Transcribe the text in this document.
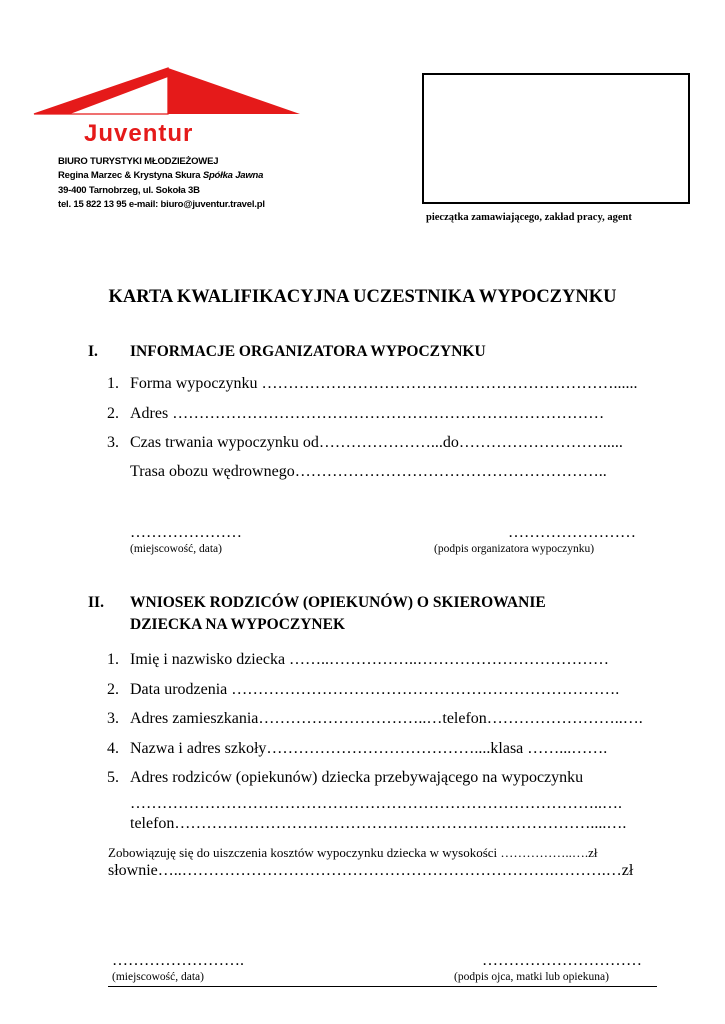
Juventur
BIURO TURYSTYKI MŁODZIEŻOWEJ
Regina Marzec & Krystyna Skura Spółka Jawna
39-400 Tarnobrzeg, ul. Sokoła 3B
tel. 15 822 13 95 e-mail: biuro@juventur.travel.pl
pieczątka zamawiającego, zakład pracy, agent
KARTA KWALIFIKACYJNA UCZESTNIKA WYPOCZYNKU
I. INFORMACJE ORGANIZATORA WYPOCZYNKU
1. Forma wypoczynku …………………………………………………………......
2. Adres ………………………………………………………………………
3. Czas trwania wypoczynku od…………………...do……………………….....
Trasa obozu wędrownego…………………………………………………..
…………………	……………………
(miejscowość, data)	(podpis organizatora wypoczynku)
II. WNIOSEK RODZICÓW (OPIEKUNÓW) O SKIEROWANIE
DZIECKA NA WYPOCZYNEK
1. Imię i nazwisko dziecka ……..……………..………………………………
2. Data urodzenia ……………………………………………………………….
3. Adres zamieszkania…………………………..…telefon……………………..….
4. Nazwa i adres szkoły…………………………………....klasa ……...…….
5. Adres rodziców (opiekunów) dziecka przebywającego na wypoczynku
……………………………………………………………………………..….
telefon……………………………………………………………………....….
Zobowiązuję się do uiszczenia kosztów wypoczynku dziecka w wysokości ……………..….zł
słownie…..…………………………………………………………….……….…zł
…………………….	…………………………
(miejscowość, data)	(podpis ojca, matki lub opiekuna)
